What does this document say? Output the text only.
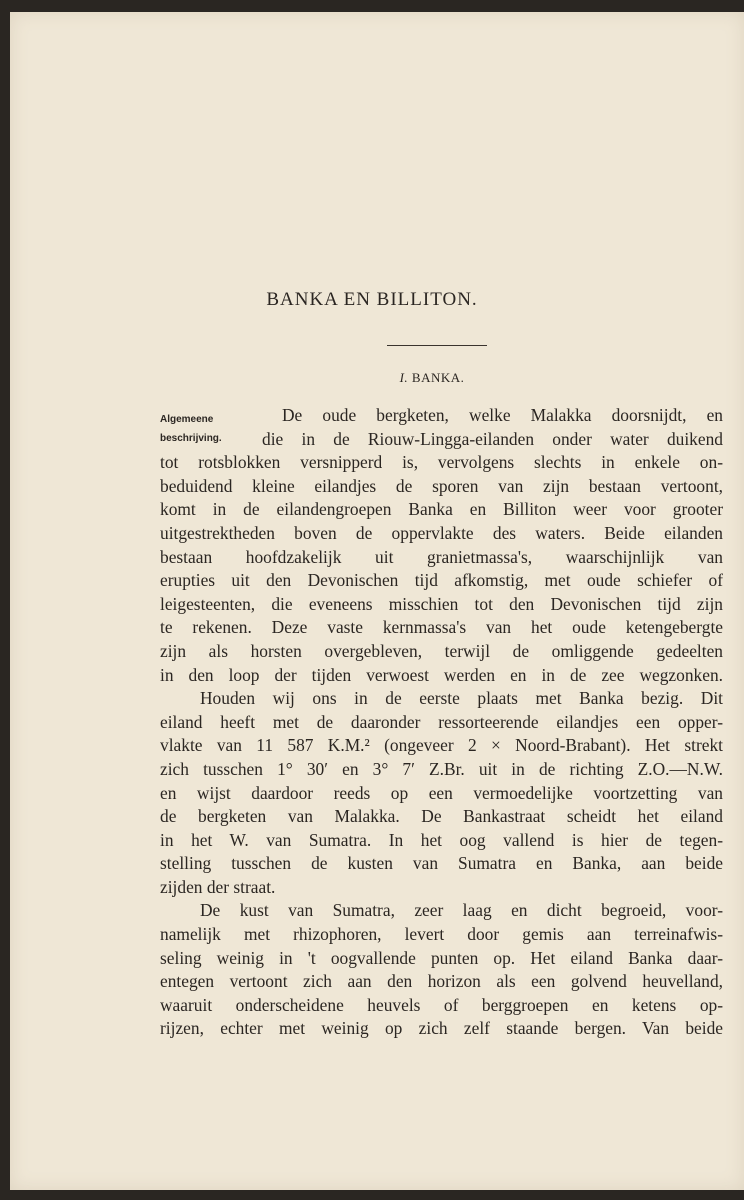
BANKA EN BILLITON.
I. BANKA.
Algemeene
beschrijving.
De oude bergketen, welke Malakka doorsnijdt, en
die in de Riouw-Lingga-eilanden onder water duikend
tot rotsblokken versnipperd is, vervolgens slechts in enkele on-
beduidend kleine eilandjes de sporen van zijn bestaan vertoont,
komt in de eilandengroepen Banka en Billiton weer voor grooter
uitgestrektheden boven de oppervlakte des waters. Beide eilanden
bestaan hoofdzakelijk uit granietmassa's, waarschijnlijk van
erupties uit den Devonischen tijd afkomstig, met oude schiefer of
leigesteenten, die eveneens misschien tot den Devonischen tijd zijn
te rekenen. Deze vaste kernmassa's van het oude ketengebergte
zijn als horsten overgebleven, terwijl de omliggende gedeelten
in den loop der tijden verwoest werden en in de zee wegzonken.
Houden wij ons in de eerste plaats met Banka bezig. Dit
eiland heeft met de daaronder ressorteerende eilandjes een opper-
vlakte van 11 587 K.M.² (ongeveer 2 × Noord-Brabant). Het strekt
zich tusschen 1° 30′ en 3° 7′ Z.Br. uit in de richting Z.O.—N.W.
en wijst daardoor reeds op een vermoedelijke voortzetting van
de bergketen van Malakka. De Bankastraat scheidt het eiland
in het W. van Sumatra. In het oog vallend is hier de tegen-
stelling tusschen de kusten van Sumatra en Banka, aan beide
zijden der straat.
De kust van Sumatra, zeer laag en dicht begroeid, voor-
namelijk met rhizophoren, levert door gemis aan terreinafwis-
seling weinig in 't oogvallende punten op. Het eiland Banka daar-
entegen vertoont zich aan den horizon als een golvend heuvelland,
waaruit onderscheidene heuvels of berggroepen en ketens op-
rijzen, echter met weinig op zich zelf staande bergen. Van beide
